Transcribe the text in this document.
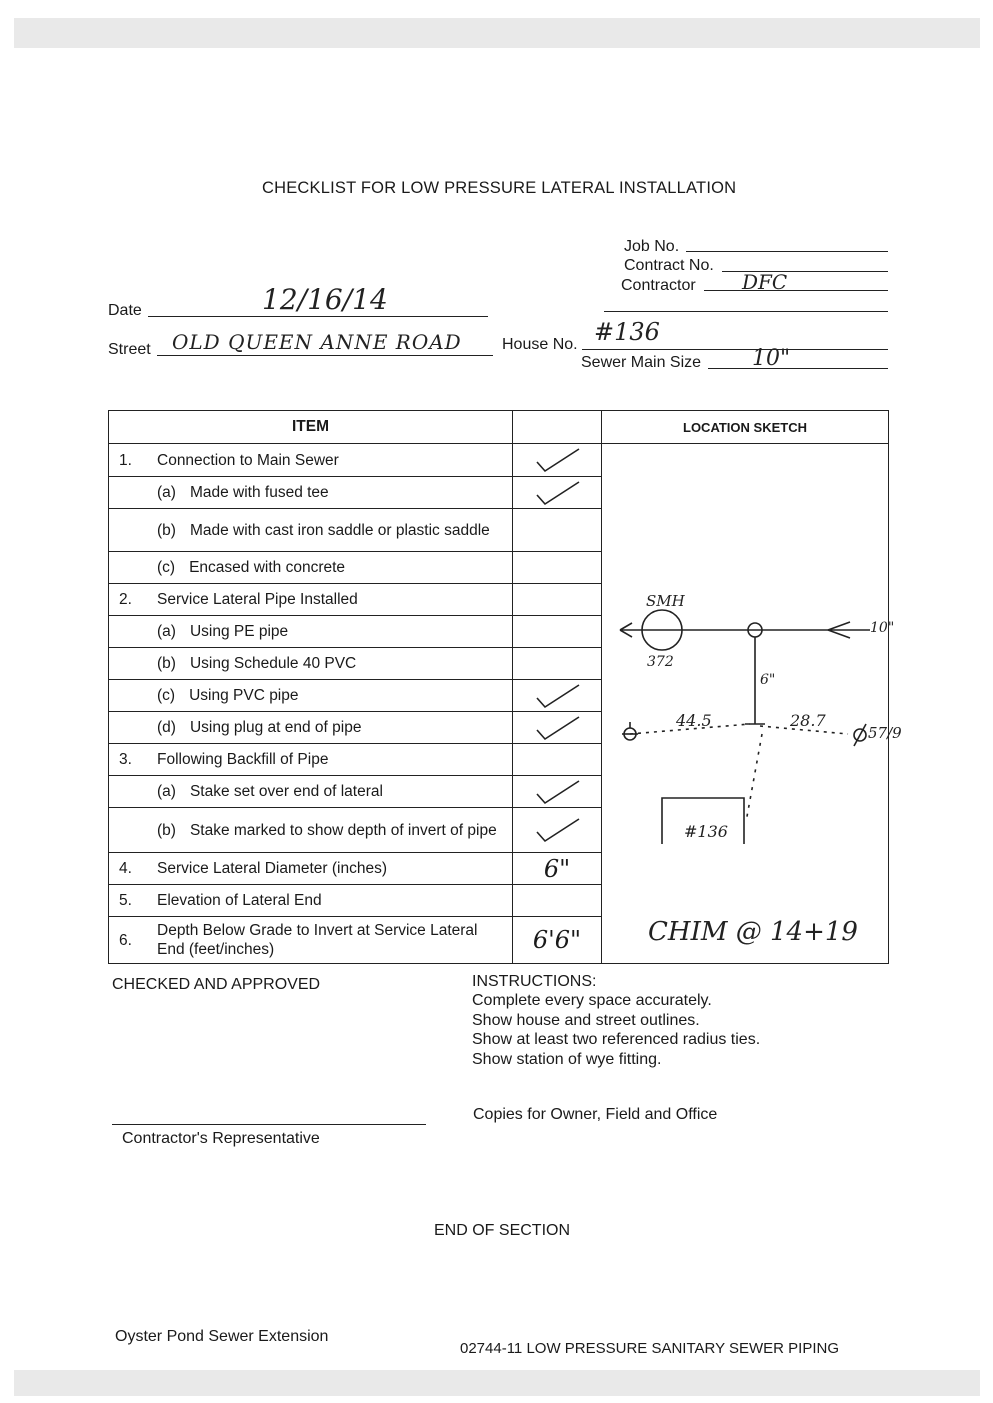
CHECKLIST FOR LOW PRESSURE LATERAL INSTALLATION
Job No.
Contract No.
Contractor DFC
Date	12/16/14
Street OLD QUEEN ANNE ROAD	House No. #136
Sewer Main Size 10"
ITEM		LOCATION SKETCH

1. Connection to Main Sewer

(a) Made with fused tee

(b) Made with cast iron saddle or plastic saddle		

(c) Encased with concrete		

2. Service Lateral Pipe Installed		

(a) Using PE pipe		

(b) Using Schedule 40 PVC		

(c) Using PVC pipe

(d) Using plug at end of pipe

3. Following Backfill of Pipe		

(a) Stake set over end of lateral

(b) Stake marked to show depth of invert of pipe

4. Service Lateral Diameter (inches)	6"	

5. Elevation of Lateral End		

6.
Depth Below Grade to Invert at Service Lateral End (feet/inches)	6'6"	
SMH
372
10"
6"
44.5	28.7
57/9
#136
CHIM @ 14+19
CHECKED AND APPROVED	INSTRUCTIONS:
Complete every space accurately.
Show house and street outlines.
Show at least two referenced radius ties.
Show station of wye fitting.
Copies for Owner, Field and Office
Contractor's Representative
END OF SECTION
Oyster Pond Sewer Extension
02744-11 LOW PRESSURE SANITARY SEWER PIPING
